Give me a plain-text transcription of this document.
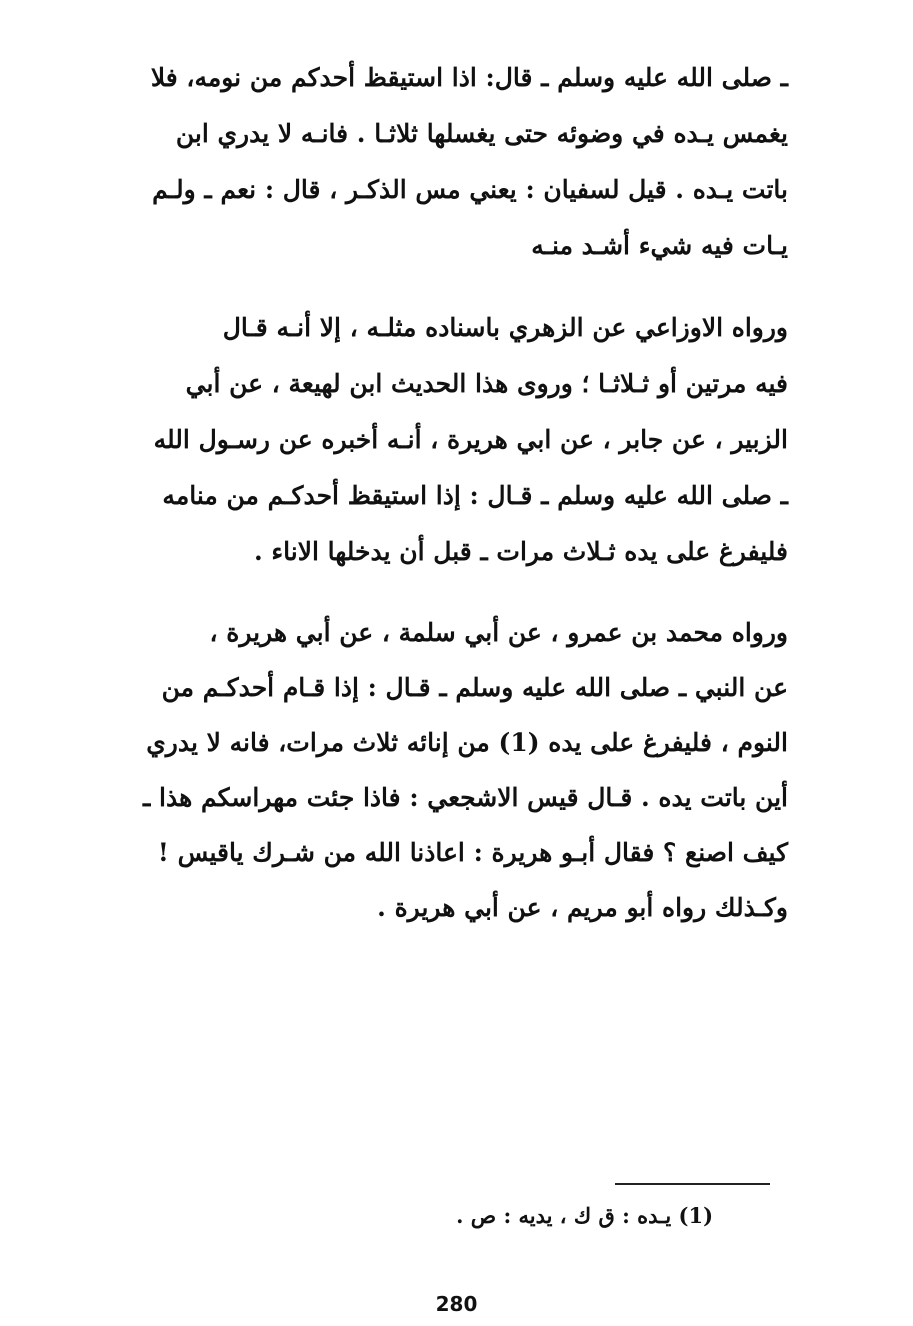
ـ صلى الله عليه وسلم ـ قال: اذا استيقظ أحدكم من نومه، فلا
يغمس يـده في وضوئه حتى يغسلها ثلاثـا . فانـه لا يدري ابن
باتت يـده . قيل لسفيان : يعني مس الذكـر ، قال : نعم ـ ولـم
يـات فيه شيء أشـد منـه
ورواه الاوزاعي عن الزهري باسناده مثلـه ، إلا أنـه قـال
فيه مرتين أو ثـلاثـا ؛ وروى هذا الحديث ابن لهيعة ، عن أبي
الزبير ، عن جابر ، عن ابي هريرة ، أنـه أخبره عن رسـول الله
ـ صلى الله عليه وسلم ـ قـال : إذا استيقظ أحدكـم من منامه
فليفرغ على يده ثـلاث مرات ـ قبل أن يدخلها الاناء .
ورواه محمد بن عمرو ، عن أبي سلمة ، عن أبي هريرة ،
عن النبي ـ صلى الله عليه وسلم ـ قـال : إذا قـام أحدكـم من
النوم ، فليفرغ على يده (1) من إنائه ثلاث مرات، فانه لا يدري
أين باتت يده . قـال قيس الاشجعي : فاذا جئت مهراسكم هذا ـ
كيف اصنع ؟ فقال أبـو هريرة : اعاذنا الله من شـرك ياقيس !
وكـذلك رواه أبو مريم ، عن أبي هريرة .
(1) يـده : ق ك ، يديه : ص .
280
